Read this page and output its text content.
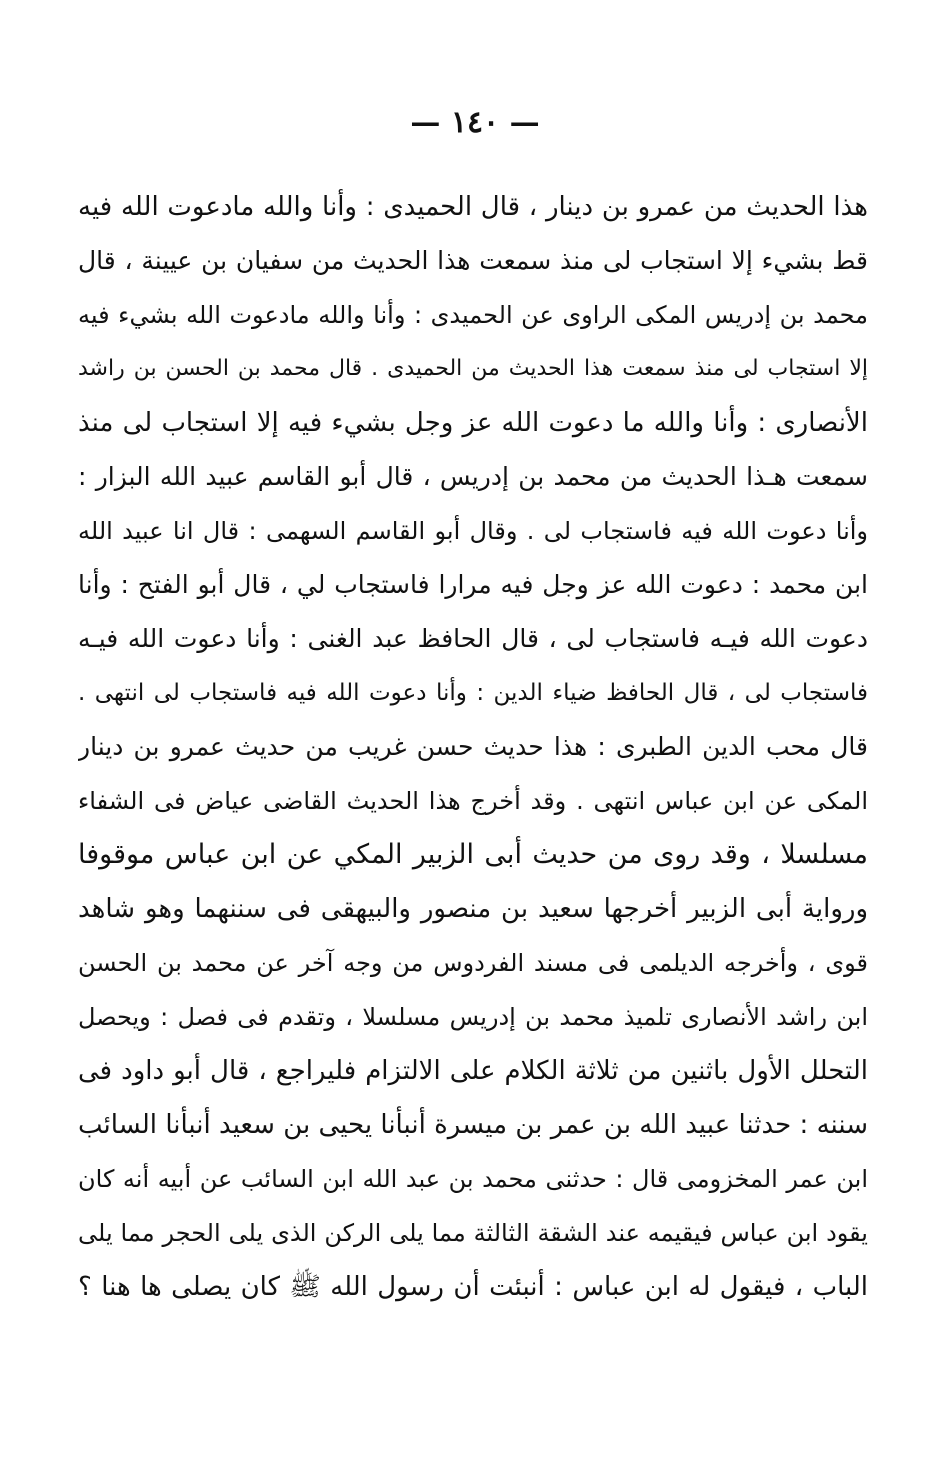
— ١٤٠ —
هذا الحديث من عمرو بن دينار ، قال الحميدى : وأنا والله مادعوت الله فيه
قط بشيء إلا استجاب لى منذ سمعت هذا الحديث من سفيان بن عيينة ، قال
محمد بن إدريس المكى الراوى عن الحميدى : وأنا والله مادعوت الله بشيء فيه
إلا استجاب لى منذ سمعت هذا الحديث من الحميدى . قال محمد بن الحسن بن راشد
الأنصارى : وأنا والله ما دعوت الله عز وجل بشيء فيه إلا استجاب لى منذ
سمعت هـذا الحديث من محمد بن إدريس ، قال أبو القاسم عبيد الله البزار :
وأنا دعوت الله فيه فاستجاب لى . وقال أبو القاسم السهمى : قال انا عبيد الله
ابن محمد : دعوت الله عز وجل فيه مرارا فاستجاب لي ، قال أبو الفتح : وأنا
دعوت الله فيـه فاستجاب لى ، قال الحافظ عبد الغنى : وأنا دعوت الله فيـه
فاستجاب لى ، قال الحافظ ضياء الدين : وأنا دعوت الله فيه فاستجاب لى انتهى .
قال محب الدين الطبرى : هذا حديث حسن غريب من حديث عمرو بن دينار
المكى عن ابن عباس انتهى . وقد أخرج هذا الحديث القاضى عياض فى الشفاء
مسلسلا ، وقد روى من حديث أبى الزبير المكي عن ابن عباس موقوفا
ورواية أبى الزبير أخرجها سعيد بن منصور والبيهقى فى سننهما وهو شاهد
قوى ، وأخرجه الديلمى فى مسند الفردوس من وجه آخر عن محمد بن الحسن
ابن راشد الأنصارى تلميذ محمد بن إدريس مسلسلا ، وتقدم فى فصل : ويحصل
التحلل الأول باثنين من ثلاثة الكلام على الالتزام فليراجع ، قال أبو داود فى
سننه : حدثنا عبيد الله بن عمر بن ميسرة أنبأنا يحيى بن سعيد أنبأنا السائب
ابن عمر المخزومى قال : حدثنى محمد بن عبد الله ابن السائب عن أبيه أنه كان
يقود ابن عباس فيقيمه عند الشقة الثالثة مما يلى الركن الذى يلى الحجر مما يلى
الباب ، فيقول له ابن عباس : أنبئت أن رسول الله ﷺ كان يصلى ها هنا ؟
